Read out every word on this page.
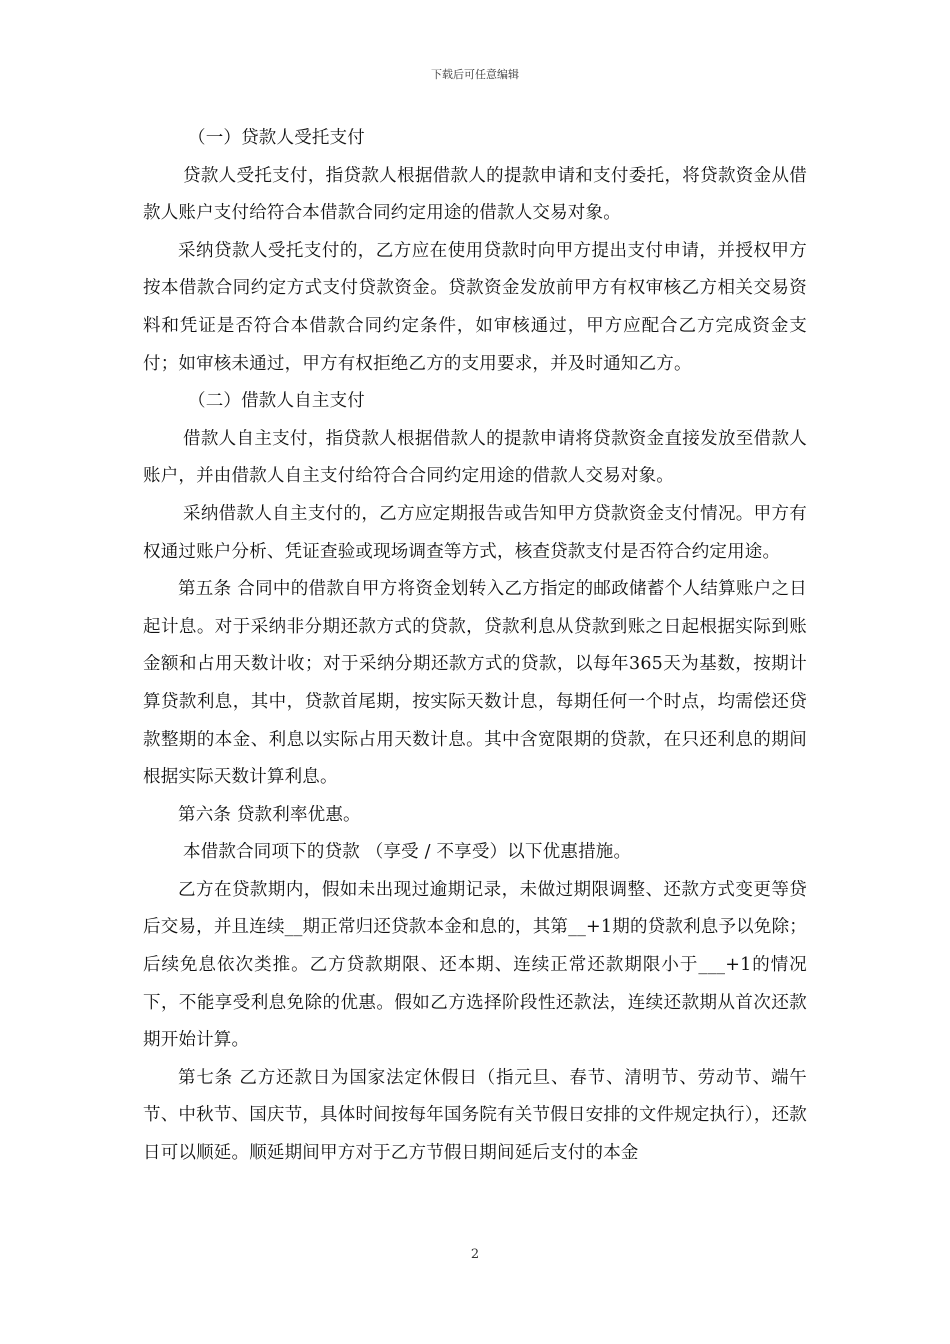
下载后可任意编辑

（一）贷款人受托支付

贷款人受托支付，指贷款人根据借款人的提款申请和支付委托，将贷款资金从借款人账户支付给符合本借款合同约定用途的借款人交易对象。

采纳贷款人受托支付的，乙方应在使用贷款时向甲方提出支付申请，并授权甲方按本借款合同约定方式支付贷款资金。贷款资金发放前甲方有权审核乙方相关交易资料和凭证是否符合本借款合同约定条件，如审核通过，甲方应配合乙方完成资金支付；如审核未通过，甲方有权拒绝乙方的支用要求，并及时通知乙方。

（二）借款人自主支付

借款人自主支付，指贷款人根据借款人的提款申请将贷款资金直接发放至借款人账户，并由借款人自主支付给符合合同约定用途的借款人交易对象。

采纳借款人自主支付的，乙方应定期报告或告知甲方贷款资金支付情况。甲方有权通过账户分析、凭证查验或现场调查等方式，核查贷款支付是否符合约定用途。

第五条 合同中的借款自甲方将资金划转入乙方指定的邮政储蓄个人结算账户之日起计息。对于采纳非分期还款方式的贷款，贷款利息从贷款到账之日起根据实际到账金额和占用天数计收；对于采纳分期还款方式的贷款，以每年365天为基数，按期计算贷款利息，其中，贷款首尾期，按实际天数计息，每期任何一个时点，均需偿还贷款整期的本金、利息以实际占用天数计息。其中含宽限期的贷款，在只还利息的期间根据实际天数计算利息。

第六条 贷款利率优惠。

本借款合同项下的贷款 （享受 / 不享受）以下优惠措施。

乙方在贷款期内，假如未出现过逾期记录，未做过期限调整、还款方式变更等贷后交易，并且连续__期正常归还贷款本金和息的，其第__+1期的贷款利息予以免除；后续免息依次类推。乙方贷款期限、还本期、连续正常还款期限小于___+1的情况下，不能享受利息免除的优惠。假如乙方选择阶段性还款法，连续还款期从首次还款期开始计算。

第七条 乙方还款日为国家法定休假日（指元旦、春节、清明节、劳动节、端午节、中秋节、国庆节，具体时间按每年国务院有关节假日安排的文件规定执行），还款日可以顺延。顺延期间甲方对于乙方节假日期间延后支付的本金

2
